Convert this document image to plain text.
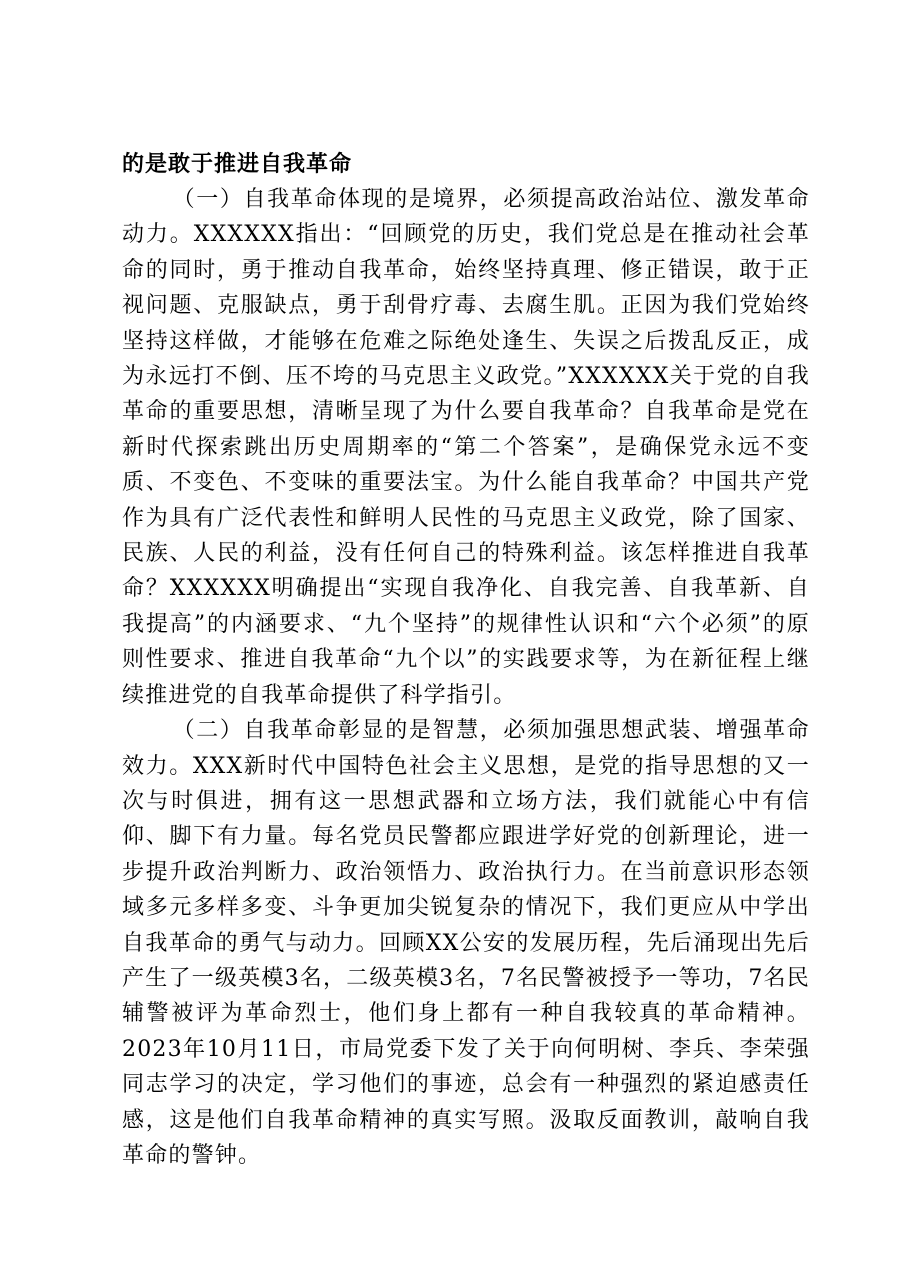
的是敢于推进自我革命

（一）自我革命体现的是境界，必须提高政治站位、激发革命动力。XXXXXX指出：“回顾党的历史，我们党总是在推动社会革命的同时，勇于推动自我革命，始终坚持真理、修正错误，敢于正视问题、克服缺点，勇于刮骨疗毒、去腐生肌。正因为我们党始终坚持这样做，才能够在危难之际绝处逢生、失误之后拨乱反正，成为永远打不倒、压不垮的马克思主义政党。”XXXXXX关于党的自我革命的重要思想，清晰呈现了为什么要自我革命？自我革命是党在新时代探索跳出历史周期率的“第二个答案”，是确保党永远不变质、不变色、不变味的重要法宝。为什么能自我革命？中国共产党作为具有广泛代表性和鲜明人民性的马克思主义政党，除了国家、民族、人民的利益，没有任何自己的特殊利益。该怎样推进自我革命？XXXXXX明确提出“实现自我净化、自我完善、自我革新、自我提高”的内涵要求、“九个坚持”的规律性认识和“六个必须”的原则性要求、推进自我革命“九个以”的实践要求等，为在新征程上继续推进党的自我革命提供了科学指引。

（二）自我革命彰显的是智慧，必须加强思想武装、增强革命效力。XXX新时代中国特色社会主义思想，是党的指导思想的又一次与时俱进，拥有这一思想武器和立场方法，我们就能心中有信仰、脚下有力量。每名党员民警都应跟进学好党的创新理论，进一步提升政治判断力、政治领悟力、政治执行力。在当前意识形态领域多元多样多变、斗争更加尖锐复杂的情况下，我们更应从中学出自我革命的勇气与动力。回顾XX公安的发展历程，先后涌现出先后产生了一级英模3名，二级英模3名，7名民警被授予一等功，7名民辅警被评为革命烈士，他们身上都有一种自我较真的革命精神。2023年10月11日，市局党委下发了关于向何明树、李兵、李荣强同志学习的决定，学习他们的事迹，总会有一种强烈的紧迫感责任感，这是他们自我革命精神的真实写照。汲取反面教训，敲响自我革命的警钟。
